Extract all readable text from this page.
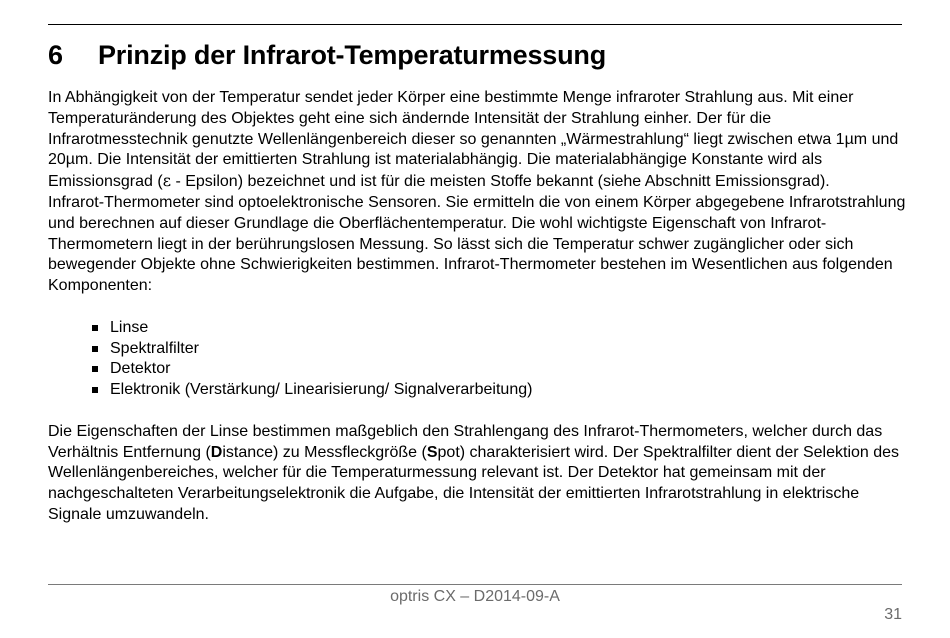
6 Prinzip der Infrarot-Temperaturmessung

In Abhängigkeit von der Temperatur sendet jeder Körper eine bestimmte Menge infraroter Strahlung aus. Mit einer Temperaturänderung des Objektes geht eine sich ändernde Intensität der Strahlung einher. Der für die Infrarotmesstechnik genutzte Wellenlängenbereich dieser so genannten „Wärmestrahlung“ liegt zwischen etwa 1µm und 20µm. Die Intensität der emittierten Strahlung ist materialabhängig. Die materialabhängige Konstante wird als Emissionsgrad (ε - Epsilon) bezeichnet und ist für die meisten Stoffe bekannt (siehe Abschnitt Emissionsgrad).

Infrarot-Thermometer sind optoelektronische Sensoren. Sie ermitteln die von einem Körper abgegebene Infrarotstrahlung und berechnen auf dieser Grundlage die Oberflächentemperatur. Die wohl wichtigste Eigenschaft von Infrarot-Thermometern liegt in der berührungslosen Messung. So lässt sich die Temperatur schwer zugänglicher oder sich bewegender Objekte ohne Schwierigkeiten bestimmen. Infrarot-Thermometer bestehen im Wesentlichen aus folgenden Komponenten:

Linse
Spektralfilter
Detektor
Elektronik (Verstärkung/ Linearisierung/ Signalverarbeitung)

Die Eigenschaften der Linse bestimmen maßgeblich den Strahlengang des Infrarot-Thermometers, welcher durch das Verhältnis Entfernung (Distance) zu Messfleckgröße (Spot) charakterisiert wird. Der Spektralfilter dient der Selektion des Wellenlängenbereiches, welcher für die Temperaturmessung relevant ist. Der Detektor hat gemeinsam mit der nachgeschalteten Verarbeitungselektronik die Aufgabe, die Intensität der emittierten Infrarotstrahlung in elektrische Signale umzuwandeln.

optris CX – D2014-09-A
31
